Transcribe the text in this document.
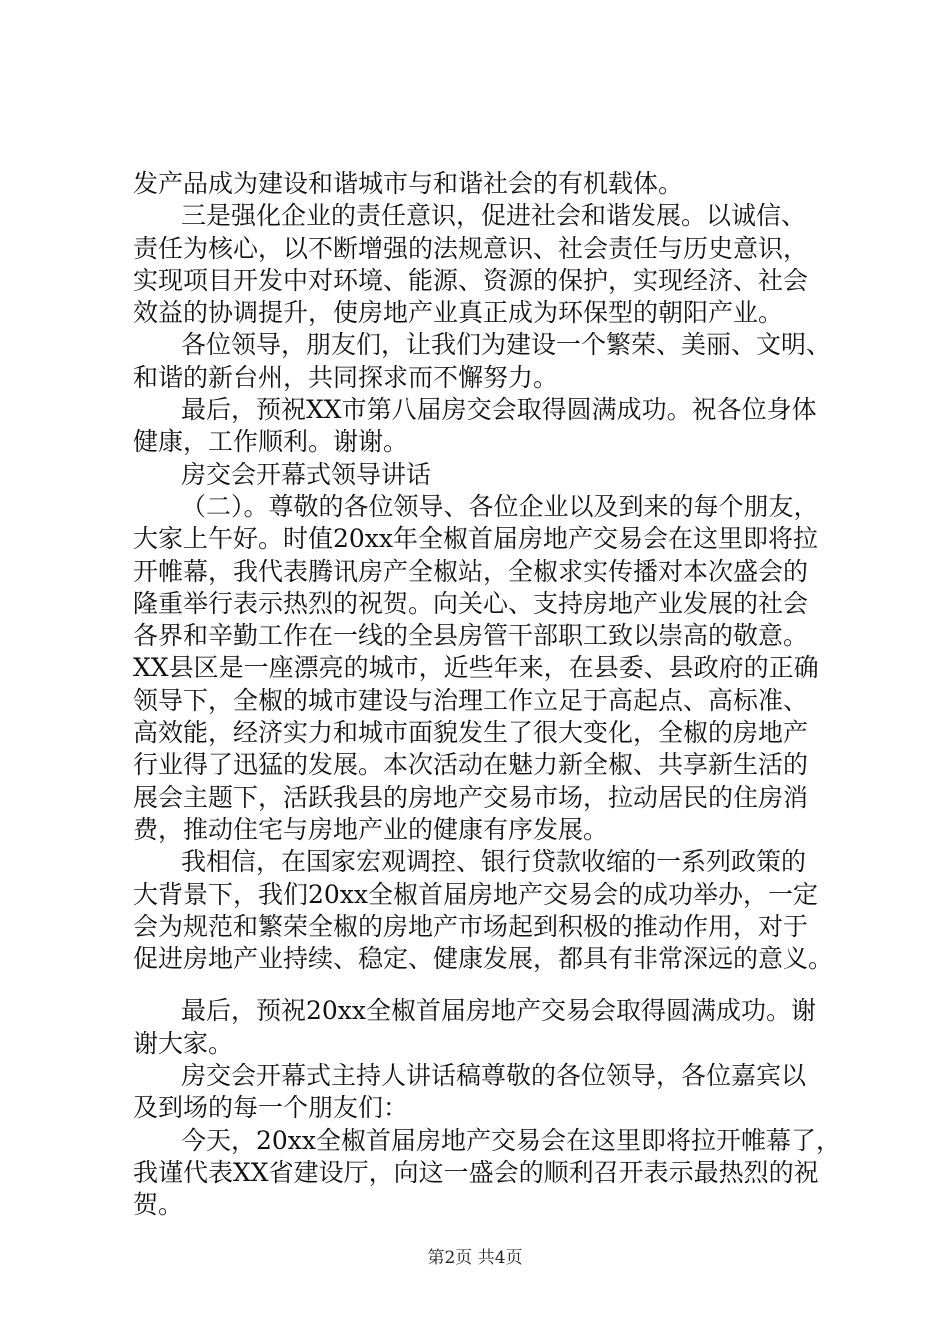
发产品成为建设和谐城市与和谐社会的有机载体。
三是强化企业的责任意识，促进社会和谐发展。以诚信、
责任为核心，以不断增强的法规意识、社会责任与历史意识，
实现项目开发中对环境、能源、资源的保护，实现经济、社会
效益的协调提升，使房地产业真正成为环保型的朝阳产业。
各位领导，朋友们，让我们为建设一个繁荣、美丽、文明、
和谐的新台州，共同探求而不懈努力。
最后，预祝XX市第八届房交会取得圆满成功。祝各位身体
健康，工作顺利。谢谢。
房交会开幕式领导讲话
（二）。尊敬的各位领导、各位企业以及到来的每个朋友，
大家上午好。时值20xx年全椒首届房地产交易会在这里即将拉
开帷幕，我代表腾讯房产全椒站，全椒求实传播对本次盛会的
隆重举行表示热烈的祝贺。向关心、支持房地产业发展的社会
各界和辛勤工作在一线的全县房管干部职工致以崇高的敬意。
XX县区是一座漂亮的城市，近些年来，在县委、县政府的正确
领导下，全椒的城市建设与治理工作立足于高起点、高标准、
高效能，经济实力和城市面貌发生了很大变化，全椒的房地产
行业得了迅猛的发展。本次活动在魅力新全椒、共享新生活的
展会主题下，活跃我县的房地产交易市场，拉动居民的住房消
费，推动住宅与房地产业的健康有序发展。
我相信，在国家宏观调控、银行贷款收缩的一系列政策的
大背景下，我们20xx全椒首届房地产交易会的成功举办，一定
会为规范和繁荣全椒的房地产市场起到积极的推动作用，对于
促进房地产业持续、稳定、健康发展，都具有非常深远的意义。
最后，预祝20xx全椒首届房地产交易会取得圆满成功。谢
谢大家。
房交会开幕式主持人讲话稿尊敬的各位领导，各位嘉宾以
及到场的每一个朋友们：
今天，20xx全椒首届房地产交易会在这里即将拉开帷幕了，
我谨代表XX省建设厅，向这一盛会的顺利召开表示最热烈的祝
贺。
第2页 共4页
